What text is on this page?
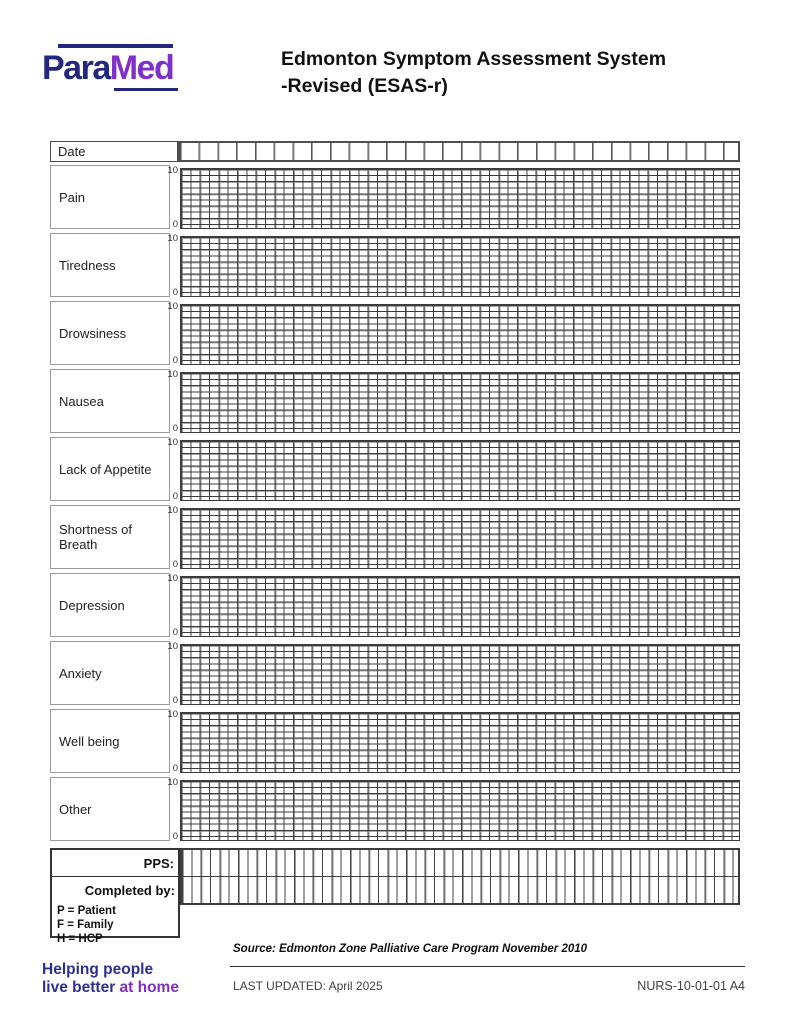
ParaMed	Edmonton Symptom Assessment System
-Revised (ESAS-r)
Date
Pain
10
0
Tiredness
10
0
Drowsiness
10
0
Nausea
10
0
Lack of Appetite
10
0
Shortness of Breath
10
0
Depression
10
0
Anxiety
10
0
Well being
10
0
Other
10
0
PPS:
Completed by:
P = Patient
F = Family
H = HCP
Source: Edmonton Zone Palliative Care Program November 2010
Helping people
live better at home	LAST UPDATED: April 2025	NURS-10-01-01 A4
